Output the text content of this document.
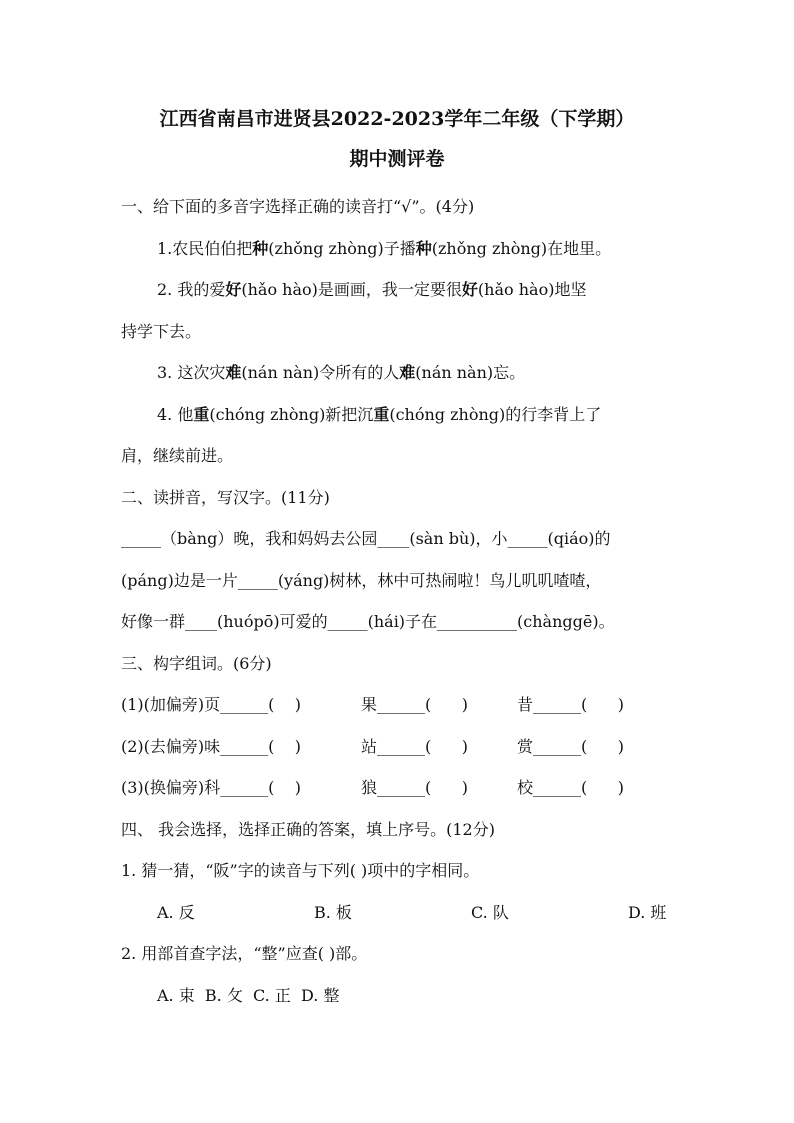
江西省南昌市进贤县2022-2023学年二年级（下学期）
期中测评卷
一、给下面的多音字选择正确的读音打“√”。(4分)
1.农民伯伯把种(zhǒng zhòng)子播种(zhǒng zhòng)在地里。
2. 我的爱好(hǎo hào)是画画，我一定要很好(hǎo hào)地坚
持学下去。
3. 这次灾难(nán nàn)令所有的人难(nán nàn)忘。
4. 他重(chóng zhòng)新把沉重(chóng zhòng)的行李背上了
肩，继续前进。
二、读拼音，写汉字。(11分)
_____（bàng）晚，我和妈妈去公园____(sàn bù)，小_____(qiáo)的
(páng)边是一片_____(yáng)树林，林中可热闹啦！鸟儿叽叽喳喳，
好像一群____(huópō)可爱的_____(hái)子在__________(chànggē)。
三、构字组词。(6分)
(1)(加偏旁)页______(    )	果______(      )	昔______(      )
(2)(去偏旁)味______(    )	站______(      )	赏______(      )
(3)(换偏旁)科______(    )	狼______(      )	校______(      )
四、 我会选择，选择正确的答案，填上序号。(12分)
1. 猜一猜，“阪”字的读音与下列( )项中的字相同。
A. 反	B. 板	C. 队	D. 班
2. 用部首查字法，“整”应查( )部。
A. 束  B. 攵  C. 正  D. 整
